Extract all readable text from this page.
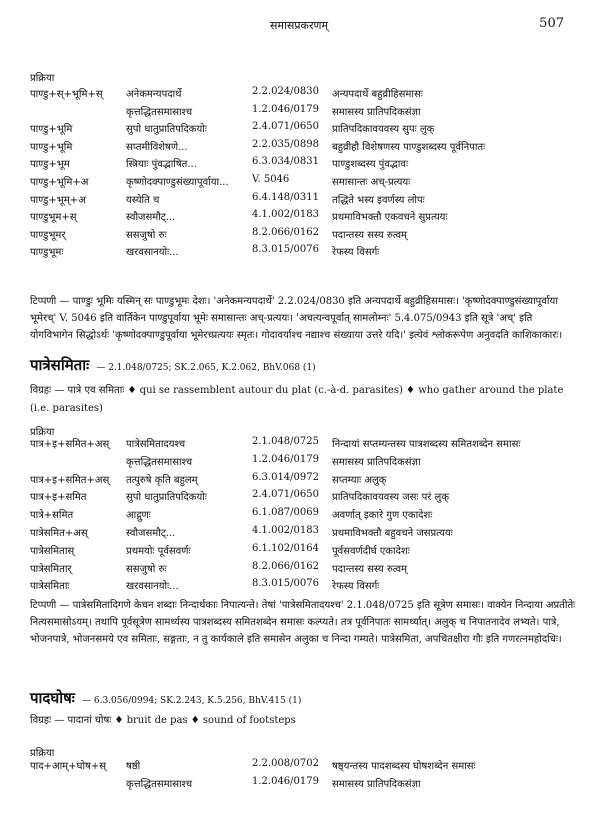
समासप्रकरणम्	507
प्रक्रिया
पाण्डु+स्+भूमि+स् अनेकमन्यपदार्थे	2.2.024/0830 अन्यपदार्थे बहुव्रीहिसमासः
कृत्तद्धितसमासाश्च	1.2.046/0179 समासस्य प्रातिपदिकसंज्ञा
पाण्डु+भूमि	सुपो धातुप्रातिपदिकयोः	2.4.071/0650 प्रातिपदिकावयवस्य सुपः लुक्
पाण्डु+भूमि	सप्तमीविशेषणे...	2.2.035/0898 बहुव्रीहौ विशेषणस्य पाण्डुशब्दस्य पूर्वनिपातः
पाण्डु+भूम	स्त्रियाः पुंवद्भाषित...	6.3.034/0831 पाण्डुशब्दस्य पुंवद्भावः
पाण्डु+भूमि+अ	कृष्णोदक्पाण्डुसंख्यापूर्वाया... V. 5046	समासान्तः अच्-प्रत्ययः
पाण्डु+भूम्+अ	यस्येति च	6.4.148/0311 तद्धिते भस्य इवर्णस्य लोपः
पाण्डुभूम+स्	स्वौजसमौट्...	4.1.002/0183 प्रथमाविभक्तौ एकवचने सुप्रत्ययः
पाण्डुभूमर्	ससजुषो रुः	8.2.066/0162 पदान्तस्य सस्य रुत्वम्
पाण्डुभूमः	खरवसानयोः...	8.3.015/0076 रेफस्य विसर्गः
टिप्पणी — पाण्डुः भूमिः यस्मिन् सः पाण्डुभूमः देशः। 'अनेकमन्यपदार्थे' 2.2.024/0830 इति अन्यपदार्थे बहुव्रीहिसमासः। 'कृष्णोदक्पाण्डुसंख्यापूर्वाया भूमेरच्' V. 5046 इति वार्तिकेन पाण्डुपूर्वाया भूमेः समासान्तः अच्-प्रत्ययः। 'अचत्यन्वपूर्वात् सामलोम्नः' 5.4.075/0943 इति सूत्रे 'अच्' इति योगविभागेन सिद्धोऽर्थः 'कृष्णोदक्पाण्डुपूर्वाया भूमेरच्प्रत्ययः स्मृतः। गोदावर्याश्च नद्याश्च संख्याया उत्तरे यदि।' इत्येवं श्लोकरूपेण अनुवदति काशिकाकारः।
पात्रेसमिताः — 2.1.048/0725; SK.2.065, K.2.062, BhV.068 (1)
विग्रहः — पात्रे एव समिताः ♦ qui se rassemblent autour du plat (c.-à-d. parasites) ♦ who gather around the plate (i.e. parasites)
प्रक्रिया
पात्र+इ+समित+अस् पात्रेसमितादयश्च	2.1.048/0725 निन्दायां सप्तम्यन्तस्य पात्रशब्दस्य समितशब्देन समासः
कृत्तद्धितसमासाश्च	1.2.046/0179 समासस्य प्रातिपदिकसंज्ञा
पात्र+इ+समित+अस् तत्पुरुषे कृति बहुलम्	6.3.014/0972 सप्तम्याः अलुक्
पात्र+इ+समित	सुपो धातुप्रातिपदिकयोः	2.4.071/0650 प्रातिपदिकावयवस्य जसः परं लुक्
पात्रे+समित	आद्गुणः	6.1.087/0069 अवर्णात् इकारे गुण एकादेशः
पात्रेसमित+अस्	स्वौजसमौट्...	4.1.002/0183 प्रथमाविभक्तौ बहुवचने जसप्रत्ययः
पात्रेसमितास्	प्रथमयोः पूर्वसवर्णः	6.1.102/0164 पूर्वसवर्णदीर्घ एकादेशः
पात्रेसमितार्	ससजुषो रुः	8.2.066/0162 पदान्तस्य सस्य रुत्वम्
पात्रेसमिताः	खरवसानयोः...	8.3.015/0076 रेफस्य विसर्गः
टिप्पणी — पात्रेसमितादिगणे केचन शब्दाः निन्दार्थकाः निपात्यन्ते। तेषां 'पात्रेसमितादयश्च' 2.1.048/0725 इति सूत्रेण समासः। वाक्येन निन्दाया अप्रतीतेः नित्यसमासोऽयम्। तथापि पूर्वसूत्रेण सामर्थ्यस्य पात्रशब्दस्य समितशब्देन समासः कल्प्यते। तत्र पूर्वनिपातः सामर्थ्यात्। अलुक् च निपातनादेव लभ्यते। पात्रे, भोजनपात्रे, भोजनसमये एव समिताः, सङ्गताः, न तु कार्यकाले इति समासेन अलुका च निन्दा गम्यते। पात्रेसमिता, अपचितक्षीरा गौः इति गणरत्नमहोदधिः।
पादघोषः — 6.3.056/0994; SK.2.243, K.5.256, BhV.415 (1)
विग्रहः — पादानां घोषः ♦ bruit de pas ♦ sound of footsteps
प्रक्रिया
पाद+आम्+घोष+स् षष्ठी	2.2.008/0702 षष्ठ्यन्तस्य पादशब्दस्य घोषशब्देन समासः
कृत्तद्धितसमासाश्च	1.2.046/0179 समासस्य प्रातिपदिकसंज्ञा
